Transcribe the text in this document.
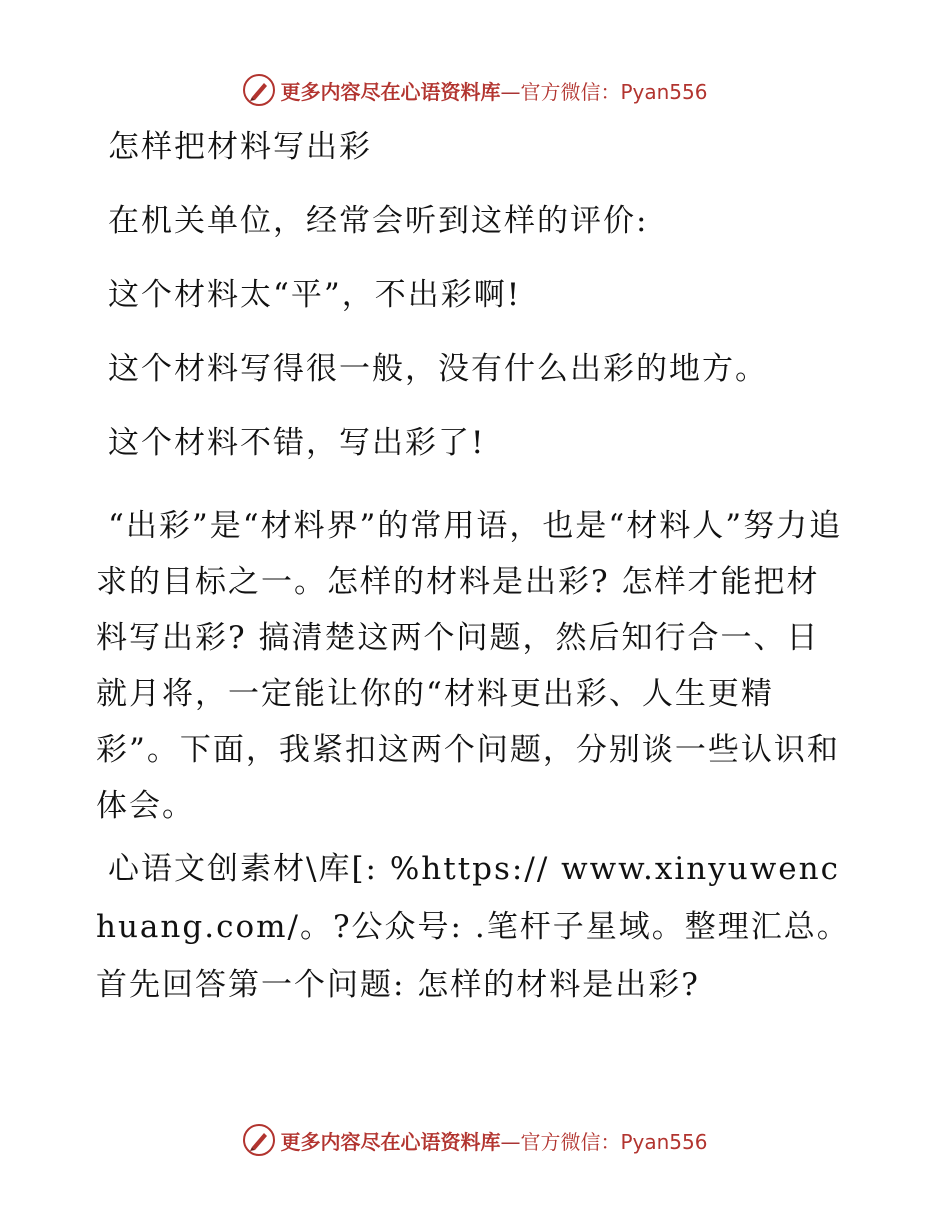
更多内容尽在心语资料库—官方微信：Pyan556

怎样把材料写出彩

在机关单位，经常会听到这样的评价:

这个材料太“平”，不出彩啊!

这个材料写得很一般，没有什么出彩的地方。

这个材料不错，写出彩了!

“出彩”是“材料界”的常用语，也是“材料人”努力追求的目标之一。怎样的材料是出彩? 怎样才能把材料写出彩? 搞清楚这两个问题，然后知行合一、日就月将，一定能让你的“材料更出彩、人生更精彩”。下面，我紧扣这两个问题，分别谈一些认识和体会。

心语文创素材\库[: %https:// www.xinyuwenchuang.com/。?公众号: .笔杆子星域。整理汇总。首先回答第一个问题: 怎样的材料是出彩?

更多内容尽在心语资料库—官方微信：Pyan556
